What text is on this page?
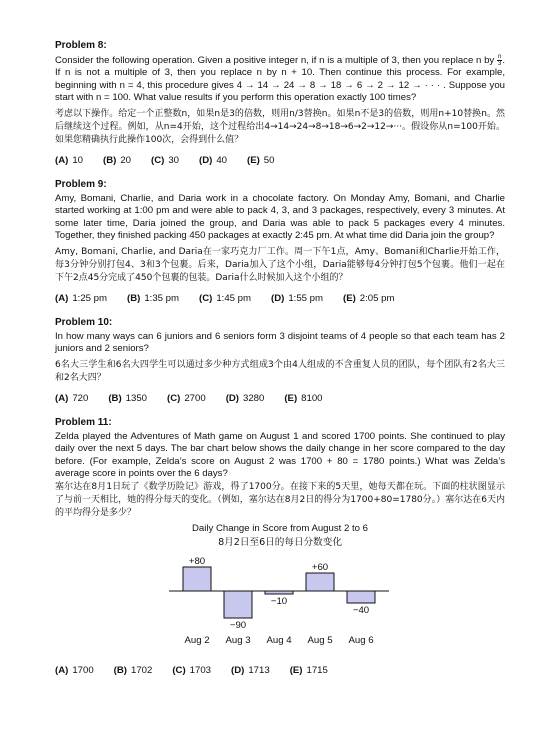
Problem 8:

Consider the following operation. Given a positive integer n, if n is a multiple of 3, then you replace n by $\frac{n}{3}$ . If n is not a multiple of 3, then you replace n by n + 10. Then continue this process. For example, beginning with n = 4, this procedure gives 4 → 14 → 24 → 8 → 18 → 6 → 2 → 12 → · · · . Suppose you start with n = 100. What value results if you perform this operation exactly 100 times?

考虑以下操作。给定一个正整数n，如果n是3的倍数，则用n/3替换n。如果n不是3的倍数，则用n+10替换n。然后继续这个过程。例如，从n=4开始，这个过程给出4→14→24→8→18→6→2→12→···。假设你从n=100开始。如果您精确执行此操作100次，会得到什么值？

(A) 10 (B) 20 (C) 30 (D) 40 (E) 50
Problem 9:

Amy, Bomani, Charlie, and Daria work in a chocolate factory. On Monday Amy, Bomani, and Charlie started working at 1:00 pm and were able to pack 4, 3, and 3 packages, respectively, every 3 minutes. At some later time, Daria joined the group, and Daria was able to pack 5 packages every 4 minutes. Together, they finished packing 450 packages at exactly 2:45 pm. At what time did Daria join the group?

Amy, Bomani, Charlie, and Daria在一家巧克力厂工作。周一下午1点，Amy、Bomani和Charlie开始工作，每3分钟分别打包4、3和3个包裹。后来，Daria加入了这个小组，Daria能够每4分钟打包5个包裹。他们一起在下午2点45分完成了450个包裹的包装。Daria什么时候加入这个小组的？

(A) 1:25 pm (B) 1:35 pm (C) 1:45 pm (D) 1:55 pm (E) 2:05 pm
Problem 10:

In how many ways can 6 juniors and 6 seniors form 3 disjoint teams of 4 people so that each team has 2 juniors and 2 seniors?

6名大三学生和6名大四学生可以通过多少种方式组成3个由4人组成的不含重复人员的团队，每个团队有2名大三和2名大四？

(A) 720 (B) 1350 (C) 2700 (D) 3280 (E) 8100
Problem 11:

Zelda played the Adventures of Math game on August 1 and scored 1700 points. She continued to play daily over the next 5 days. The bar chart below shows the daily change in her score compared to the day before. (For example, Zelda’s score on August 2 was 1700 + 80 = 1780 points.) What was Zelda’s average score in points over the 6 days?

塞尔达在8月1日玩了《数学历险记》游戏，得了1700分。在接下来的5天里，她每天都在玩。下面的柱状图显示了与前一天相比，她的得分每天的变化。（例如，塞尔达在8月2日的得分为1700+80=1780分。）塞尔达在6天内的平均得分是多少？

Daily Change in Score from August 2 to 6
8月2日至6日的每日分数变化
+80
Aug 2
−90
Aug 3
−10
Aug 4
+60
Aug 5
−40
Aug 6
(A) 1700 (B) 1702 (C) 1703 (D) 1713 (E) 1715
